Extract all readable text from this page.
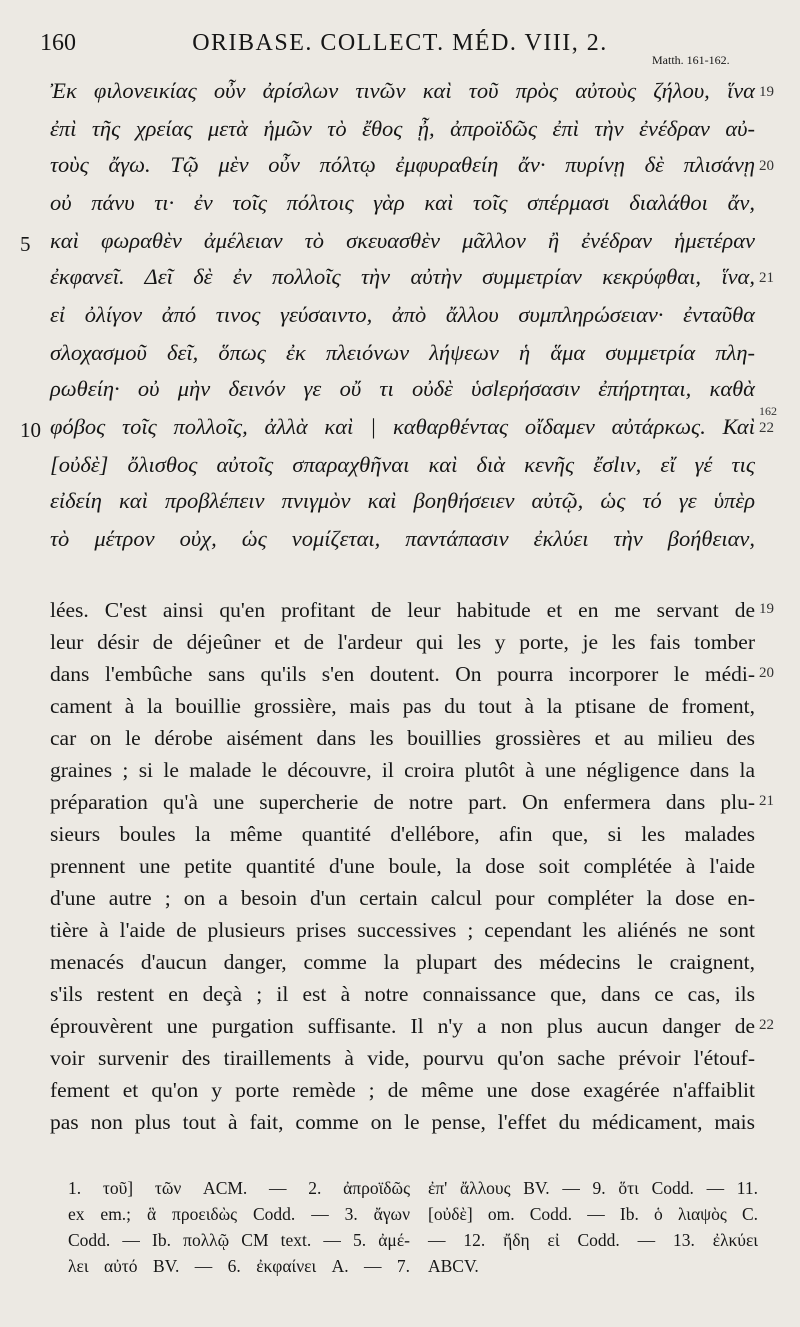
160	ORIBASE. COLLECT. MÉD. VIII, 2.
Matth. 161-162.
Ἐκ φιλονεικίας οὖν ἀρίσλων τινῶν καὶ τοῦ πρὸς αὐτοὺς ζήλου, ἵνα
ἐπὶ τῆς χρείας μετὰ ἡμῶν τὸ ἔθος ᾖ, ἀπροϊδῶς ἐπὶ τὴν ἐνέδραν αὐ-
τοὺς ἄγω. Τῷ μὲν οὖν πόλτῳ ἐμφυραθείη ἄν· πυρίνῃ δὲ πλισάνῃ
οὐ πάνυ τι· ἐν τοῖς πόλτοις γὰρ καὶ τοῖς σπέρμασι διαλάθοι ἄν,
καὶ φωραθὲν ἀμέλειαν τὸ σκευασθὲν μᾶλλον ἢ ἐνέδραν ἡμετέραν
ἐκφανεῖ. Δεῖ δὲ ἐν πολλοῖς τὴν αὐτὴν συμμετρίαν κεκρύφθαι, ἵνα,
εἰ ὀλίγον ἀπό τινος γεύσαιντο, ἀπὸ ἄλλου συμπληρώσειαν· ἐνταῦθα
σλοχασμοῦ δεῖ, ὅπως ἐκ πλειόνων λήψεων ἡ ἅμα συμμετρία πλη-
ρωθείη· οὐ μὴν δεινόν γε οὔ τι οὐδὲ ὑσlερήσασιν ἐπήρτηται, καθὰ
φόβος τοῖς πολλοῖς, ἀλλὰ καὶ | καθαρθέντας οἴδαμεν αὐτάρκως. Καὶ
[οὐδὲ] ὄλισθος αὐτοῖς σπαραχθῆναι καὶ διὰ κενῆς ἔσlιν, εἴ γέ τις
εἰδείη καὶ προβλέπειν πνιγμὸν καὶ βοηθήσειεν αὐτῷ, ὡς τό γε ὑπὲρ
τὸ μέτρον οὐχ, ὡς νομίζεται, παντάπασιν ἐκλύει τὴν βοήθειαν,
5
10
19
20
21
162
22
lées. C'est ainsi qu'en profitant de leur habitude et en me servant de
leur désir de déjeûner et de l'ardeur qui les y porte, je les fais tomber
dans l'embûche sans qu'ils s'en doutent. On pourra incorporer le médi-
cament à la bouillie grossière, mais pas du tout à la ptisane de froment,
car on le dérobe aisément dans les bouillies grossières et au milieu des
graines ; si le malade le découvre, il croira plutôt à une négligence dans la
préparation qu'à une supercherie de notre part. On enfermera dans plu-
sieurs boules la même quantité d'ellébore, afin que, si les malades
prennent une petite quantité d'une boule, la dose soit complétée à l'aide
d'une autre ; on a besoin d'un certain calcul pour compléter la dose en-
tière à l'aide de plusieurs prises successives ; cependant les aliénés ne sont
menacés d'aucun danger, comme la plupart des médecins le craignent,
s'ils restent en deçà ; il est à notre connaissance que, dans ce cas, ils
éprouvèrent une purgation suffisante. Il n'y a non plus aucun danger de
voir survenir des tiraillements à vide, pourvu qu'on sache prévoir l'étouf-
fement et qu'on y porte remède ; de même une dose exagérée n'affaiblit
pas non plus tout à fait, comme on le pense, l'effet du médicament, mais
19
20
21
22
1. τοῦ] τῶν ACM. — 2. ἀπροϊδῶς
ex em.; ἃ προειδὼς Codd. — 3. ἄγων
Codd. — Ib. πολλῷ CM text. — 5. ἀμέ-
λει αὐτό BV. — 6. ἐκφαίνει A. — 7.
ἐπ' ἄλλους BV. — 9. ὅτι Codd. — 11.
[οὐδὲ] om. Codd. — Ib. ὁ λιαψὸς C.
— 12. ἤδη εἰ Codd. — 13. ἐλκύει
ABCV.
